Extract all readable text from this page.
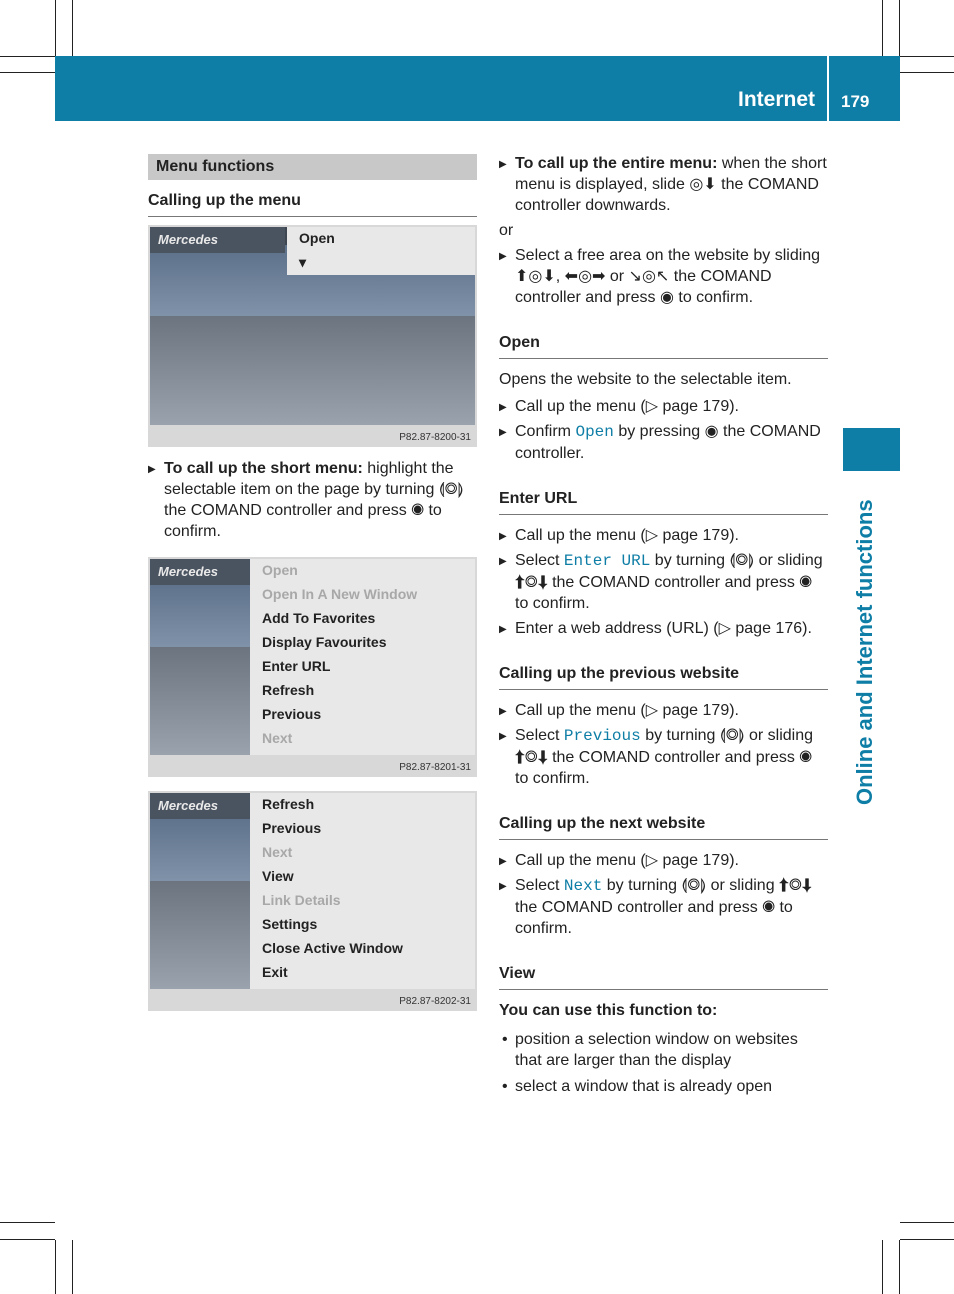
Internet 179
Online and Internet functions
Menu functions
Calling up the menu
Mercedes	Open
▾
P82.87-8200-31
▶ To call up the short menu: highlight the selectable item on the page by turning ⟬◎⟭ the COMAND controller and press ◉ to confirm.
Mercedes	Open
Open In A New Window
Add To Favorites
Display Favourites
Enter URL
Refresh
Previous
Next
P82.87-8201-31
Mercedes	Refresh
Previous
Next
View
Link Details
Settings
Close Active Window
Exit
P82.87-8202-31
▶ To call up the entire menu: when the short menu is displayed, slide ◎⬇ the COMAND controller downwards.
or
▶ Select a free area on the website by sliding ⬆◎⬇, ⬅◎➡ or ↘◎↖ the COMAND controller and press ◉ to confirm.
Open
Opens the website to the selectable item.
▶ Call up the menu (▷ page 179).
▶ Confirm Open by pressing ◉ the COMAND controller.
Enter URL
▶ Call up the menu (▷ page 179).
▶ Select Enter URL by turning ⟬◎⟭ or sliding ⬆◎⬇ the COMAND controller and press ◉ to confirm.
▶ Enter a web address (URL) (▷ page 176).
Calling up the previous website
▶ Call up the menu (▷ page 179).
▶ Select Previous by turning ⟬◎⟭ or sliding ⬆◎⬇ the COMAND controller and press ◉ to confirm.
Calling up the next website
▶ Call up the menu (▷ page 179).
▶ Select Next by turning ⟬◎⟭ or sliding ⬆◎⬇ the COMAND controller and press ◉ to confirm.
View
You can use this function to:
• position a selection window on websites that are larger than the display
• select a window that is already open
